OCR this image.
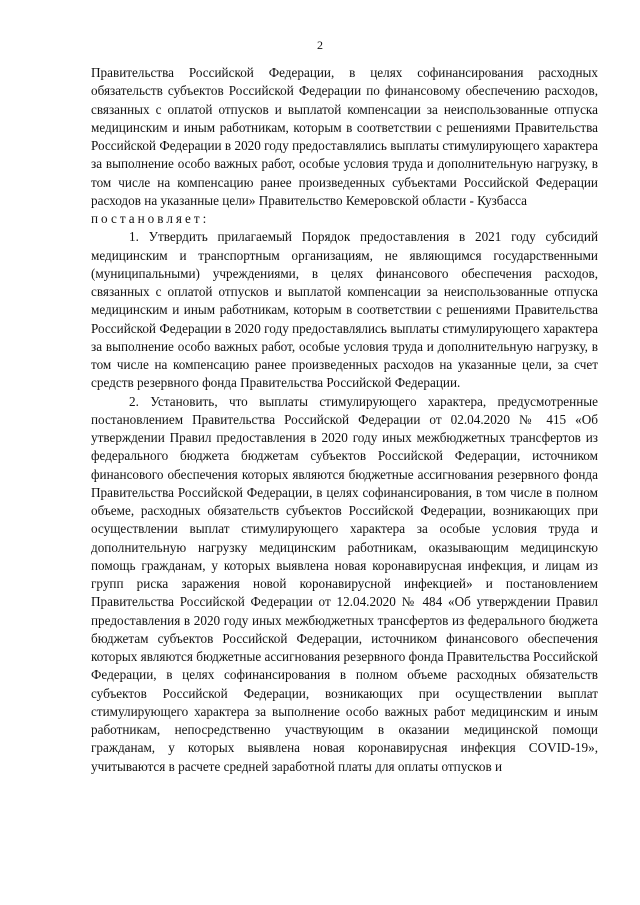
2

Правительства Российской Федерации, в целях софинансирования расходных обязательств субъектов Российской Федерации по финансовому обеспечению расходов, связанных с оплатой отпусков и выплатой компенсации за неиспользованные отпуска медицинским и иным работникам, которым в соответствии с решениями Правительства Российской Федерации в 2020 году предоставлялись выплаты стимулирующего характера за выполнение особо важных работ, особые условия труда и дополнительную нагрузку, в том числе на компенсацию ранее произведенных субъектами Российской Федерации расходов на указанные цели» Правительство Кемеровской области - Кузбасса

постановляет:

1. Утвердить прилагаемый Порядок предоставления в 2021 году субсидий медицинским и транспортным организациям, не являющимся государственными (муниципальными) учреждениями, в целях финансового обеспечения расходов, связанных с оплатой отпусков и выплатой компенсации за неиспользованные отпуска медицинским и иным работникам, которым в соответствии с решениями Правительства Российской Федерации в 2020 году предоставлялись выплаты стимулирующего характера за выполнение особо важных работ, особые условия труда и дополнительную нагрузку, в том числе на компенсацию ранее произведенных расходов на указанные цели, за счет средств резервного фонда Правительства Российской Федерации.

2. Установить, что выплаты стимулирующего характера, предусмотренные постановлением Правительства Российской Федерации от 02.04.2020 № 415 «Об утверждении Правил предоставления в 2020 году иных межбюджетных трансфертов из федерального бюджета бюджетам субъектов Российской Федерации, источником финансового обеспечения которых являются бюджетные ассигнования резервного фонда Правительства Российской Федерации, в целях софинансирования, в том числе в полном объеме, расходных обязательств субъектов Российской Федерации, возникающих при осуществлении выплат стимулирующего характера за особые условия труда и дополнительную нагрузку медицинским работникам, оказывающим медицинскую помощь гражданам, у которых выявлена новая коронавирусная инфекция, и лицам из групп риска заражения новой коронавирусной инфекцией» и постановлением Правительства Российской Федерации от 12.04.2020 № 484 «Об утверждении Правил предоставления в 2020 году иных межбюджетных трансфертов из федерального бюджета бюджетам субъектов Российской Федерации, источником финансового обеспечения которых являются бюджетные ассигнования резервного фонда Правительства Российской Федерации, в целях софинансирования в полном объеме расходных обязательств субъектов Российской Федерации, возникающих при осуществлении выплат стимулирующего характера за выполнение особо важных работ медицинским и иным работникам, непосредственно участвующим в оказании медицинской помощи гражданам, у которых выявлена новая коронавирусная инфекция COVID-19», учитываются в расчете средней заработной платы для оплаты отпусков и
